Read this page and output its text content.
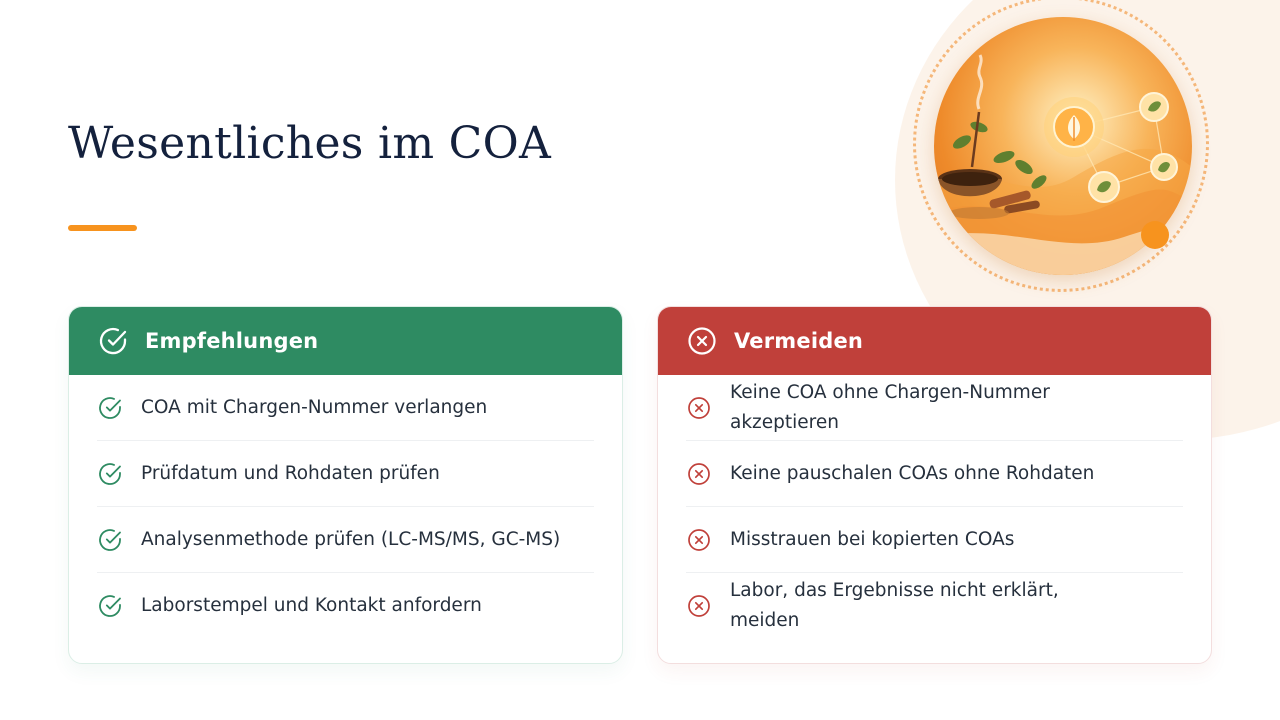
Wesentliches im COA
Empfehlungen
COA mit Chargen-Nummer verlangen
Prüfdatum und Rohdaten prüfen
Analysenmethode prüfen (LC-MS/MS, GC-MS)
Laborstempel und Kontakt anfordern
Vermeiden
Keine COA ohne Chargen-Nummer akzeptieren
Keine pauschalen COAs ohne Rohdaten
Misstrauen bei kopierten COAs
Labor, das Ergebnisse nicht erklärt, meiden
